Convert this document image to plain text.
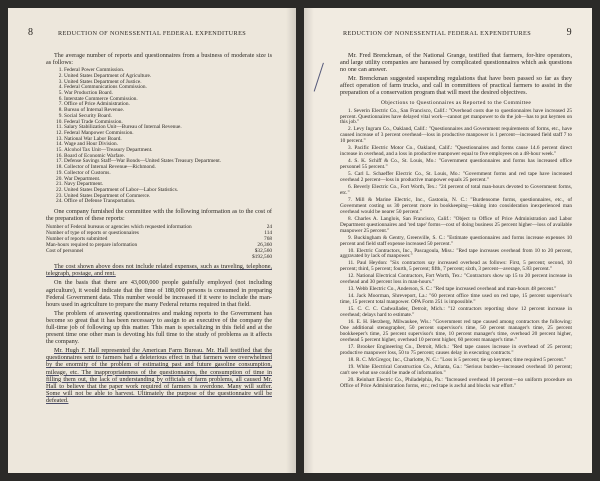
8	REDUCTION OF NONESSENTIAL FEDERAL EXPENDITURES

The average number of reports and questionnaires from a business of moderate size is as follows:

1. Federal Power Commission.
2. United States Department of Agriculture.
3. United States Department of Justice.
4. Federal Communications Commission.
5. War Production Board.
6. Interstate Commerce Commission.
7. Office of Price Administration.
8. Bureau of Internal Revenue.
9. Social Security Board.
10. Federal Trade Commission.
11. Salary Stabilization Unit—Bureau of Internal Revenue.
12. Federal Manpower Commission.
13. National War Labor Board.
14. Wage and Hour Division.
15. Alcohol Tax Unit—Treasury Department.
16. Board of Economic Warfare.
17. Defense Savings Staff—War Bonds—United States Treasury Department.
18. Collector of Internal Revenue—Richmond.
19. Collector of Customs.
20. War Department.
21. Navy Department.
22. United States Department of Labor—Labor Statistics.
23. United States Department of Commerce.
24. Office of Defense Transportation.

One company furnished the committee with the following information as to the cost of the preparation of these reports:

Number of Federal bureaus or agencies which requested information	24
Number of type of reports or questionnaires	114
Number of reports submitted	768
Man-hours required to prepare information	26,360
Cost of personnel	$32,560
	$192,560

The cost shown above does not include related expenses, such as traveling, telephone, telegraph, postage, and rent.

On the basis that there are 43,000,000 people gainfully employed (not including agriculture), it would indicate that the time of 188,000 persons is consumed in preparing Federal Government data. This number would be increased if it were to include the man-hours used in agriculture to prepare the many Federal returns required in that field.

The problem of answering questionnaires and making reports to the Government has become so great that it has been necessary to assign to an executive of the company the full-time job of following up this matter. This man is specializing in this field and at the present time one other man is devoting his full time to the study of problems as it affects the company.

Mr. Hugh F. Hall represented the American Farm Bureau. Mr. Hall testified that the questionnaires sent to farmers had a deleterious effect in that farmers were overwhelmed by the enormity of the problem of estimating past and future gasoline consumption, mileage, etc. The inappropriateness of the questionnaires, the consumption of time in filling them out, the lack of understanding by officials of farm problems, all caused Mr. Hall to believe that the paper work required of farmers is overdone. Many will suffer. Some will not be able to harvest. Ultimately the purpose of the questionnaire will be defeated.

REDUCTION OF NONESSENTIAL FEDERAL EXPENDITURES	9

Mr. Fred Brenckman, of the National Grange, testified that farmers, for-hire operators, and large utility companies are harassed by complicated questionnaires which ask questions no one can answer.

Mr. Brenckman suggested suspending regulations that have been passed so far as they affect operation of farm trucks, and call in committees of practical farmers to assist in the preparation of a conservation program that will meet the desired objectives.

Objections to Questionnaires as Reported to the Committee

1. Severin Electric Co., San Francisco, Calif.: "Overhead costs due to questionnaires have increased 25 percent. Questionnaires have delayed vital work—cannot get manpower to do the job—has to put keymen on this job."

2. Levy Ingram Co., Oakland, Calif.: "Questionnaires and Government requirements of forms, etc., have caused increase of 3 percent overhead—loss in productive manpower is 1 percent—increased field staff 7 to 10 percent."

3. Pacific Electric Motor Co., Oakland, Calif.: "Questionnaires and forms cause 14.6 percent direct increase in overhead, and a loss in productive manpower equal to five employees on a 48-hour week."

4. S. K. Schiff & Co., St. Louis, Mo.: "Government questionnaires and forms has increased office personnel 55 percent."

5. Carl L. Schaeffer Electric Co., St. Louis, Mo.: "Government forms and red tape have increased overhead 2 percent—loss in productive manpower equals 25 percent."

6. Beverly Electric Co., Fort Worth, Tex.: "24 percent of total man-hours devoted to Government forms, etc."

7. Mill & Marine Electric, Inc., Gastonia, N. C.: "Burdensome forms, questionnaires, etc., of Government costing us 30 percent more in bookkeeping—taking into consideration inexperienced man overhead would be nearer 50 percent."

8. Charles A. Langlois, San Francisco, Calif.: "Object to Office of Price Administration and Labor Department questionnaires and 'red tape' forms—cost of doing business 25 percent higher—loss of available manpower 25 percent."

9. Buckingham & Gentry, Greenville, S. C.: "Estimate questionnaires and forms increase expenses 10 percent and field staff expense increased 50 percent."

10. Electric Contractors, Inc., Pascagoula, Miss.: "Red tape increases overhead from 10 to 20 percent, aggravated by lack of manpower."

11. Paul Heydon: "Six contractors say increased overhead as follows: First, 5 percent; second, 10 percent; third, 5 percent; fourth, 5 percent; fifth, 7 percent; sixth, 3 percent—average, 5.83 percent."

12. National Electrical Contractors, Fort Worth, Tex.: "Contractors show up 15 to 20 percent increase in overhead and 30 percent loss in man-hours."

13. Webb Electric Co., Anderson, S. C.: "Red tape increased overhead and man-hours 48 percent."

14. Jack Moorman, Shreveport, La.: "60 percent office time used on red tape, 15 percent supervisor's time, 15 percent total manpower. OPA Form 251 is impossible."

15. C. C. C. Cadwallader, Detroit, Mich.: "12 contractors reporting show 12 percent increase in overhead; delays hard to estimate."

16. E. H. Herzberg, Milwaukee, Wis.: "Government red tape caused among contractors the following: One additional stenographer, 50 percent supervisor's time, 50 percent manager's time, 25 percent bookkeeper's time, 25 percent supervisor's time, 10 percent manager's time, overhead 20 percent higher, overhead 5 percent higher, overhead 10 percent higher, 60 percent manager's time."

17. Brooker Engineering Co., Detroit, Mich.: "Red tape causes increase in overhead of 25 percent; productive manpower loss, 50 to 75 percent; causes delay in executing contracts."

18. R. C. McGregor, Inc., Charlotte, N. C.: "Loss is 5 percent; tie up keymen; time required 5 percent."

19. White Electrical Construction Co., Atlanta, Ga.: "Serious burden—increased overhead 10 percent; can't see what use could be made of information."

20. Reinhart Electric Co., Philadelphia, Pa.: "Increased overhead 10 percent—no uniform procedure on Office of Price Administration forms, etc.; red tape is awful and blocks war effort."
